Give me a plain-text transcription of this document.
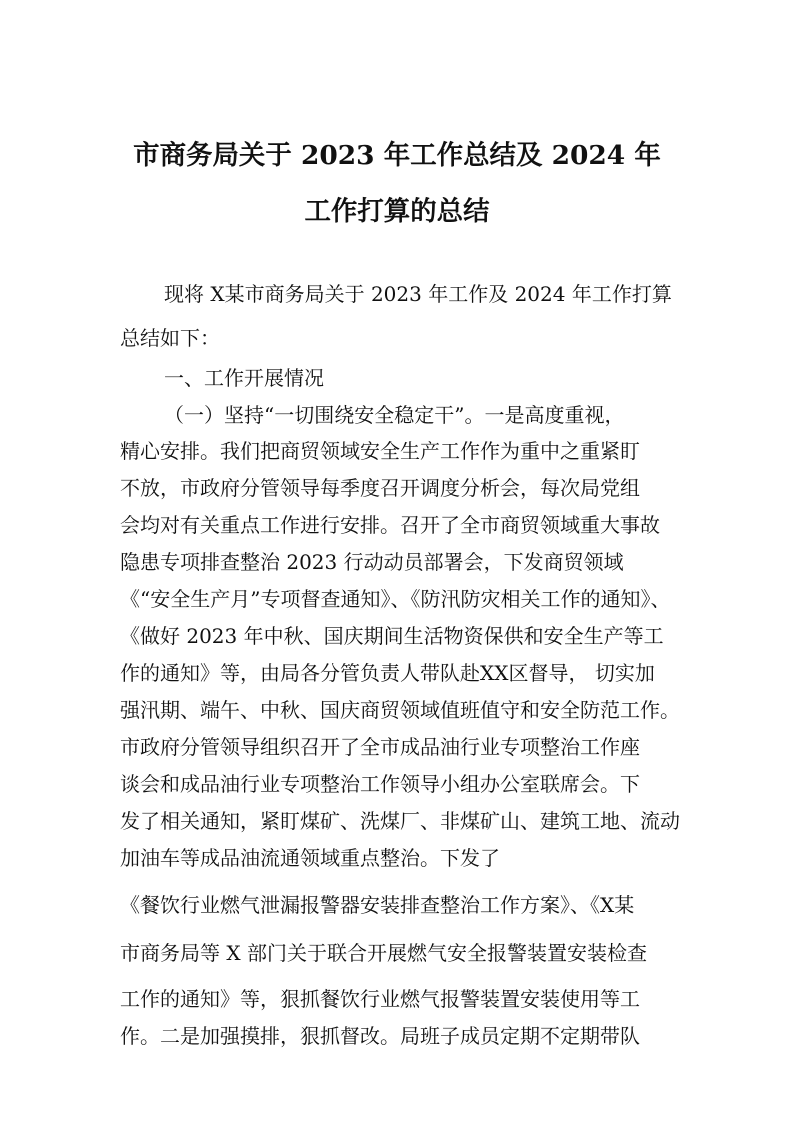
市商务局关于 2023 年工作总结及 2024 年
工作打算的总结

现将 X某市商务局关于 2023 年工作及 2024 年工作打算

总结如下：

一、工作开展情况

（一）坚持“一切围绕安全稳定干”。一是高度重视，

精心安排。我们把商贸领域安全生产工作作为重中之重紧盯

不放，市政府分管领导每季度召开调度分析会，每次局党组

会均对有关重点工作进行安排。召开了全市商贸领域重大事故

隐患专项排查整治 2023 行动动员部署会，下发商贸领域

《“安全生产月”专项督查通知》、《防汛防灾相关工作的通知》、

《做好 2023 年中秋、国庆期间生活物资保供和安全生产等工

作的通知》等，由局各分管负责人带队赴XX区督导， 切实加

强汛期、端午、中秋、国庆商贸领域值班值守和安全防范工作。

市政府分管领导组织召开了全市成品油行业专项整治工作座

谈会和成品油行业专项整治工作领导小组办公室联席会。下

发了相关通知，紧盯煤矿、洗煤厂、非煤矿山、建筑工地、流动

加油车等成品油流通领域重点整治。下发了

《餐饮行业燃气泄漏报警器安装排查整治工作方案》、《X某

市商务局等 X 部门关于联合开展燃气安全报警装置安装检查

工作的通知》等，狠抓餐饮行业燃气报警装置安装使用等工

作。二是加强摸排，狠抓督改。局班子成员定期不定期带队
